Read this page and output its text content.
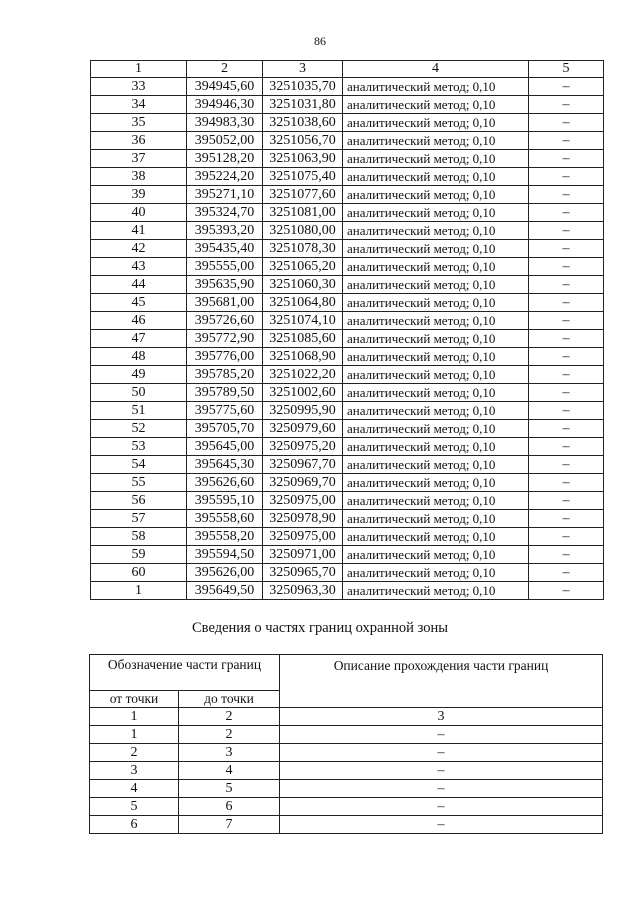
86
1	2	3	4	5
33	394945,60	3251035,70	аналитический метод; 0,10	–
34	394946,30	3251031,80	аналитический метод; 0,10	–
35	394983,30	3251038,60	аналитический метод; 0,10	–
36	395052,00	3251056,70	аналитический метод; 0,10	–
37	395128,20	3251063,90	аналитический метод; 0,10	–
38	395224,20	3251075,40	аналитический метод; 0,10	–
39	395271,10	3251077,60	аналитический метод; 0,10	–
40	395324,70	3251081,00	аналитический метод; 0,10	–
41	395393,20	3251080,00	аналитический метод; 0,10	–
42	395435,40	3251078,30	аналитический метод; 0,10	–
43	395555,00	3251065,20	аналитический метод; 0,10	–
44	395635,90	3251060,30	аналитический метод; 0,10	–
45	395681,00	3251064,80	аналитический метод; 0,10	–
46	395726,60	3251074,10	аналитический метод; 0,10	–
47	395772,90	3251085,60	аналитический метод; 0,10	–
48	395776,00	3251068,90	аналитический метод; 0,10	–
49	395785,20	3251022,20	аналитический метод; 0,10	–
50	395789,50	3251002,60	аналитический метод; 0,10	–
51	395775,60	3250995,90	аналитический метод; 0,10	–
52	395705,70	3250979,60	аналитический метод; 0,10	–
53	395645,00	3250975,20	аналитический метод; 0,10	–
54	395645,30	3250967,70	аналитический метод; 0,10	–
55	395626,60	3250969,70	аналитический метод; 0,10	–
56	395595,10	3250975,00	аналитический метод; 0,10	–
57	395558,60	3250978,90	аналитический метод; 0,10	–
58	395558,20	3250975,00	аналитический метод; 0,10	–
59	395594,50	3250971,00	аналитический метод; 0,10	–
60	395626,00	3250965,70	аналитический метод; 0,10	–
1	395649,50	3250963,30	аналитический метод; 0,10	–
Сведения о частях границ охранной зоны
Обозначение части границ		Описание прохождения части границ
от точки	до точки	
1	2	3
1	2	–
2	3	–
3	4	–
4	5	–
5	6	–
6	7	–
